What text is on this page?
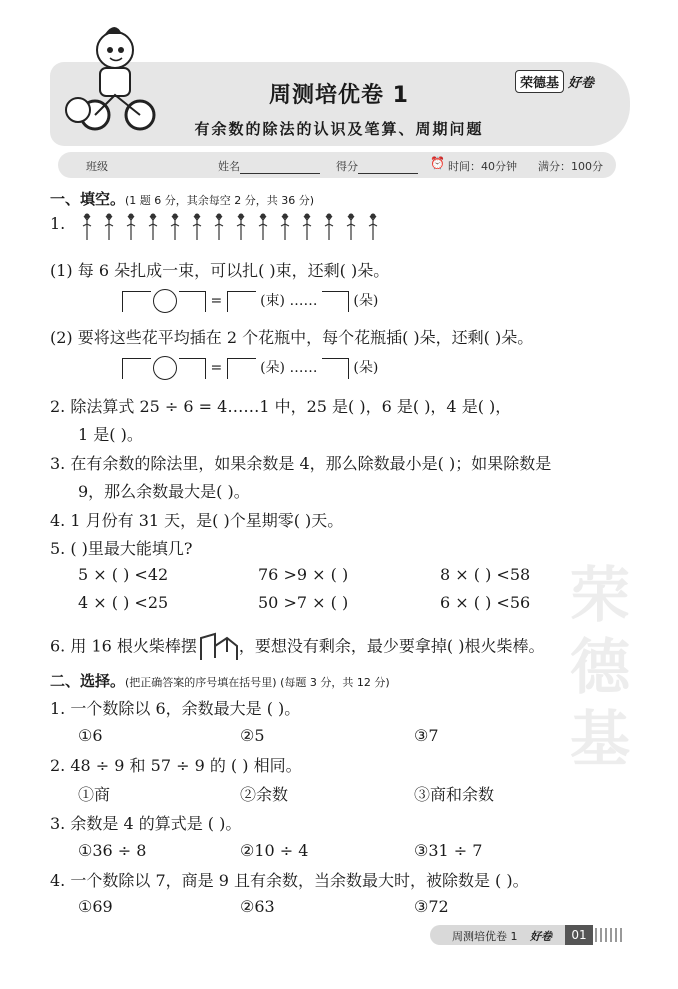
周测培优卷 1
有余数的除法的认识及笔算、周期问题
荣德基 好卷
班级	姓名	得分	⏰ 时间：40分钟 满分：100分
一、填空。(1 题 6 分，其余每空 2 分，共 36 分)
1.
(1) 每 6 朵扎成一束，可以扎( )束，还剩( )朵。
=	(束) ……	(朵)
(2) 要将这些花平均插在 2 个花瓶中，每个花瓶插( )朵，还剩( )朵。
=	(朵) ……	(朵)
2. 除法算式 25 ÷ 6 = 4……1 中，25 是( )，6 是( )，4 是( )，
1 是( )。
3. 在有余数的除法里，如果余数是 4，那么除数最小是( )；如果除数是
9，那么余数最大是( )。
4. 1 月份有 31 天，是( )个星期零( )天。
5. ( )里最大能填几?
5 × ( ) <42	76 >9 × ( )	8 × ( ) <58
4 × ( ) <25	50 >7 × ( )	6 × ( ) <56
6. 用 16 根火柴棒摆	，要想没有剩余，最少要拿掉( )根火柴棒。
二、选择。(把正确答案的序号填在括号里) (每题 3 分，共 12 分)
1. 一个数除以 6，余数最大是 ( )。
①6	②5	③7
2. 48 ÷ 9 和 57 ÷ 9 的 ( ) 相同。
①商	②余数	③商和余数
3. 余数是 4 的算式是 ( )。
①36 ÷ 8	②10 ÷ 4	③31 ÷ 7
4. 一个数除以 7，商是 9 且有余数，当余数最大时，被除数是 ( )。
①69	②63	③72
荣
德
基
周测培优卷 1 好卷	01
